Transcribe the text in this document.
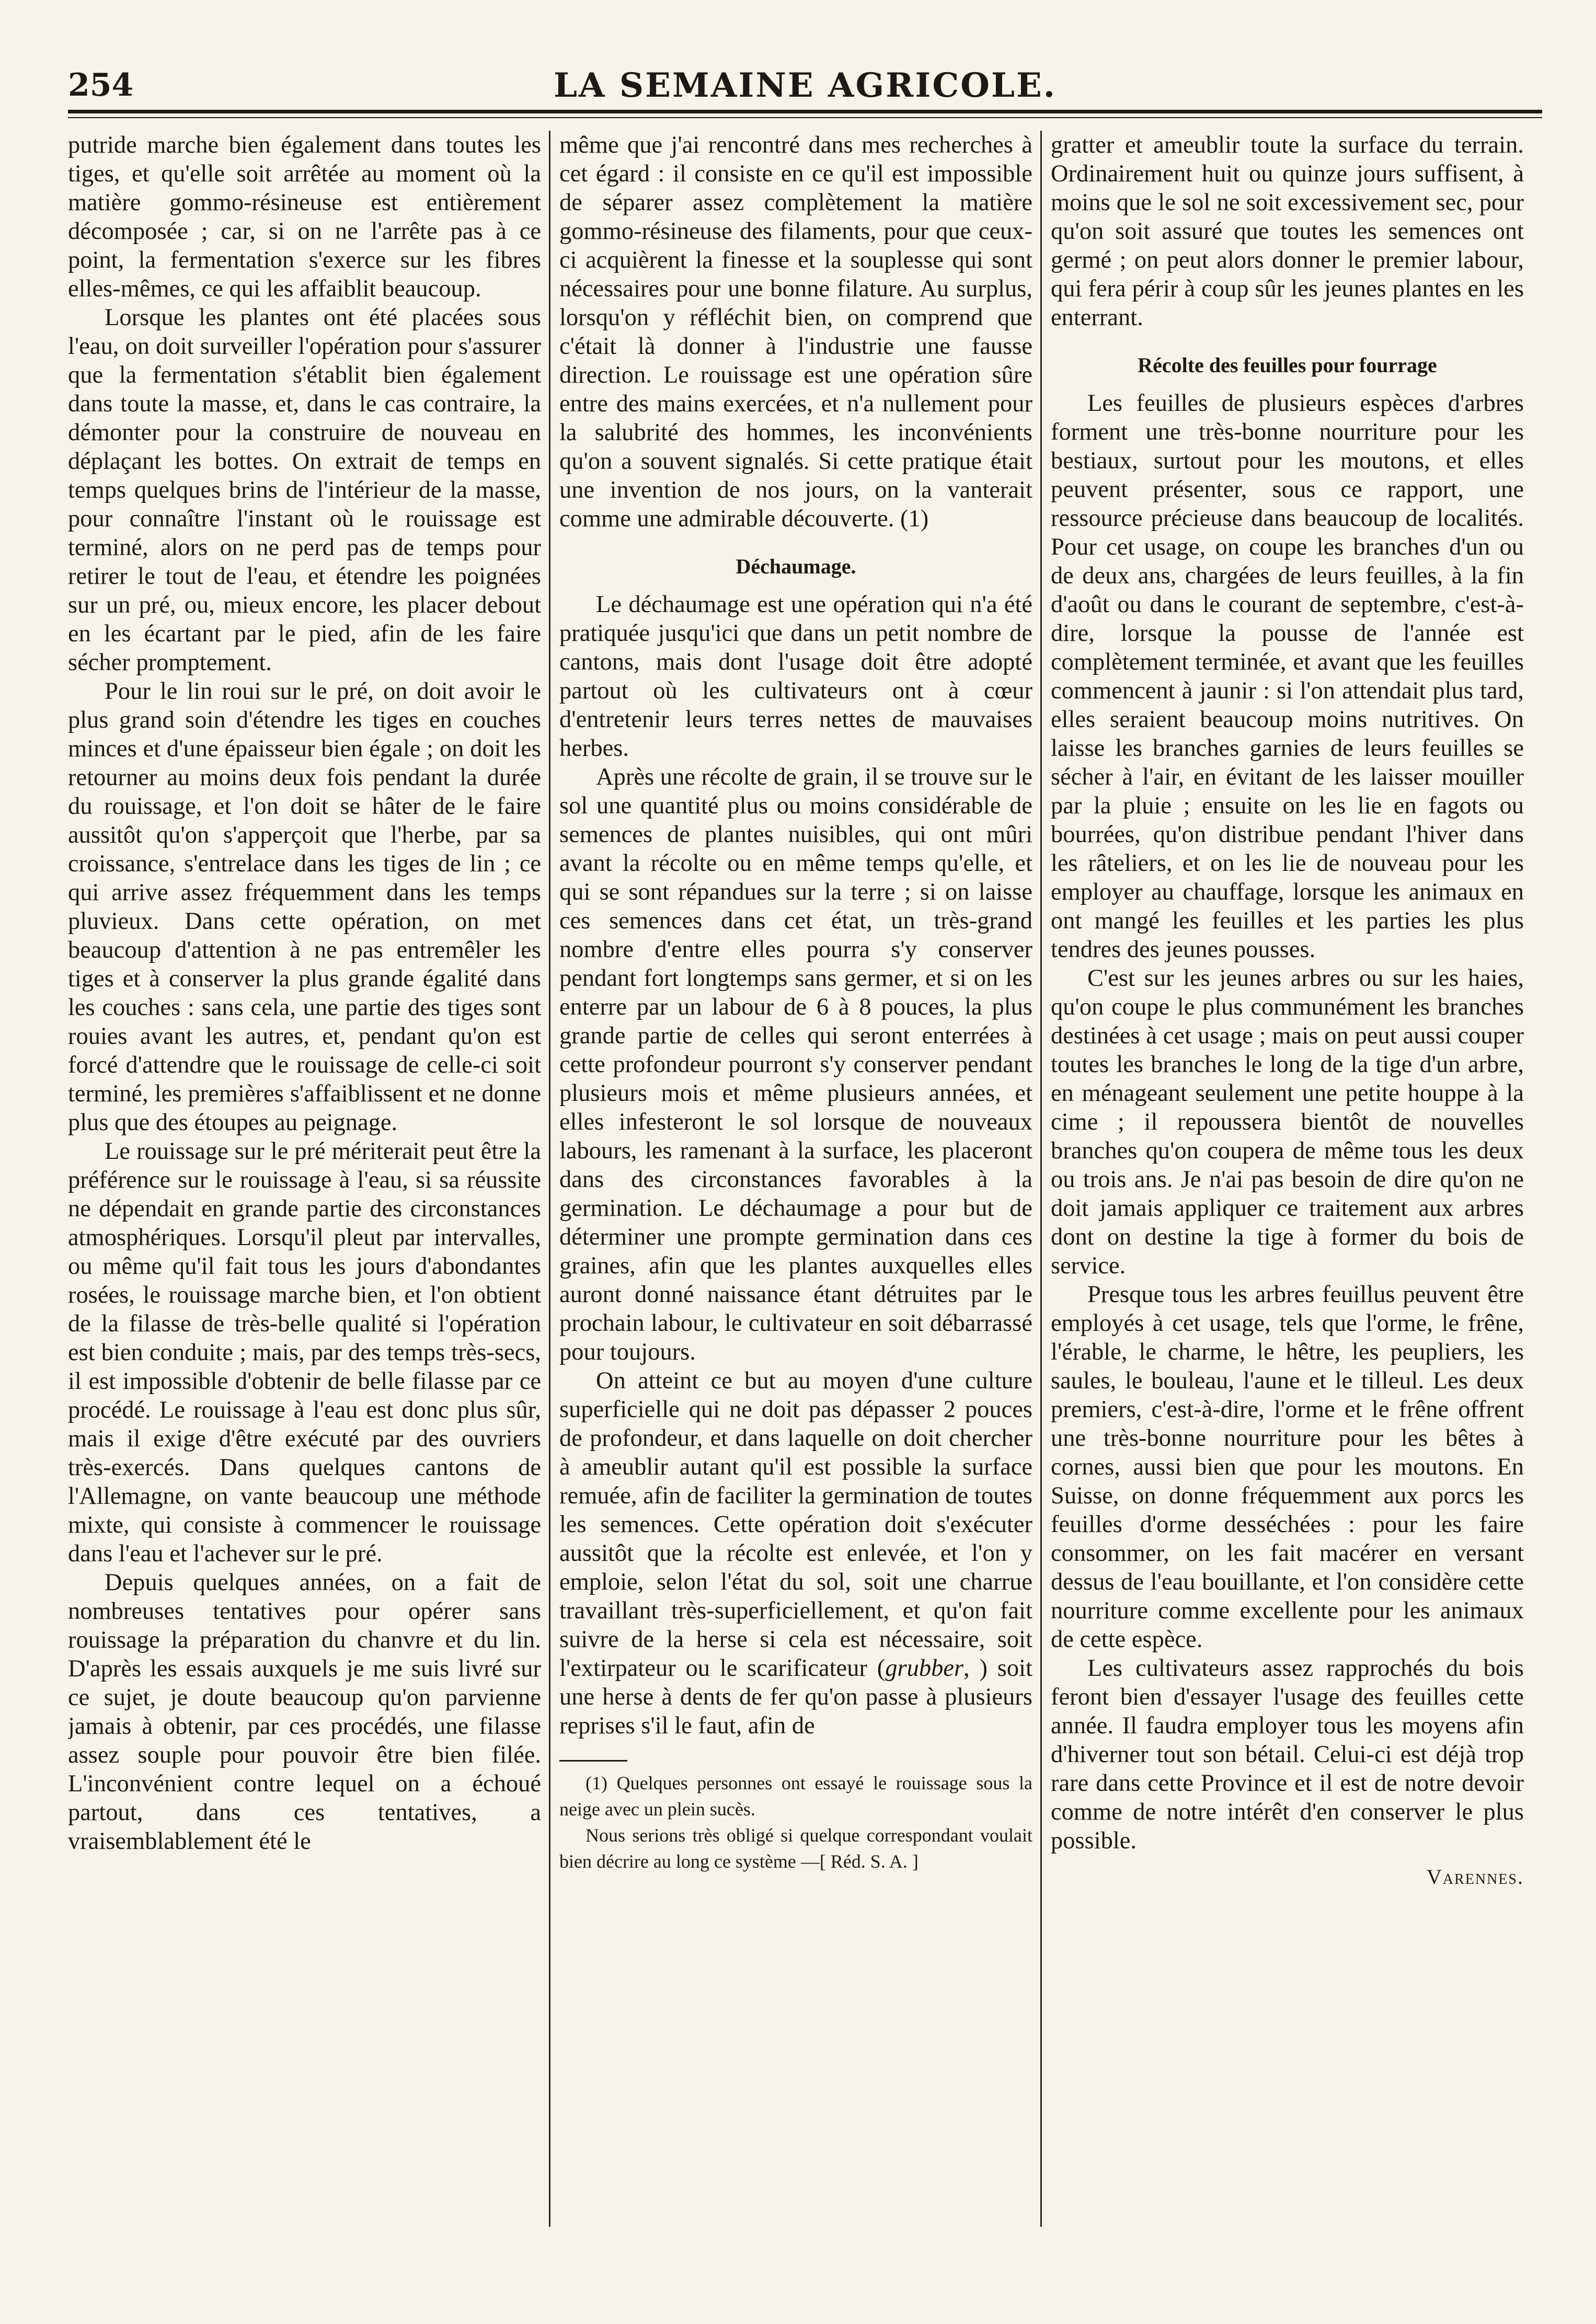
254	LA SEMAINE AGRICOLE.

putride marche bien également dans toutes les tiges, et qu'elle soit arrêtée au moment où la matière gommo-résineuse est entièrement décomposée ; car, si on ne l'arrête pas à ce point, la fermentation s'exerce sur les fibres elles-mêmes, ce qui les affaiblit beaucoup.

Lorsque les plantes ont été placées sous l'eau, on doit surveiller l'opération pour s'assurer que la fermentation s'établit bien également dans toute la masse, et, dans le cas contraire, la démonter pour la construire de nouveau en déplaçant les bottes. On extrait de temps en temps quelques brins de l'intérieur de la masse, pour connaître l'instant où le rouissage est terminé, alors on ne perd pas de temps pour retirer le tout de l'eau, et étendre les poignées sur un pré, ou, mieux encore, les placer debout en les écartant par le pied, afin de les faire sécher promptement.

Pour le lin roui sur le pré, on doit avoir le plus grand soin d'étendre les tiges en couches minces et d'une épaisseur bien égale ; on doit les retourner au moins deux fois pendant la durée du rouissage, et l'on doit se hâter de le faire aussitôt qu'on s'apperçoit que l'herbe, par sa croissance, s'entrelace dans les tiges de lin ; ce qui arrive assez fréquemment dans les temps pluvieux. Dans cette opération, on met beaucoup d'attention à ne pas entremêler les tiges et à conserver la plus grande égalité dans les couches : sans cela, une partie des tiges sont rouies avant les autres, et, pendant qu'on est forcé d'attendre que le rouissage de celle-ci soit terminé, les premières s'affaiblissent et ne donne plus que des étoupes au peignage.

Le rouissage sur le pré mériterait peut être la préférence sur le rouissage à l'eau, si sa réussite ne dépendait en grande partie des circonstances atmosphériques. Lorsqu'il pleut par intervalles, ou même qu'il fait tous les jours d'abondantes rosées, le rouissage marche bien, et l'on obtient de la filasse de très-belle qualité si l'opération est bien conduite ; mais, par des temps très-secs, il est impossible d'obtenir de belle filasse par ce procédé. Le rouissage à l'eau est donc plus sûr, mais il exige d'être exécuté par des ouvriers très-exercés. Dans quelques cantons de l'Allemagne, on vante beaucoup une méthode mixte, qui consiste à commencer le rouissage dans l'eau et l'achever sur le pré.

Depuis quelques années, on a fait de nombreuses tentatives pour opérer sans rouissage la préparation du chanvre et du lin. D'après les essais auxquels je me suis livré sur ce sujet, je doute beaucoup qu'on parvienne jamais à obtenir, par ces procédés, une filasse assez souple pour pouvoir être bien filée. L'inconvénient contre lequel on a échoué partout, dans ces tentatives, a vraisemblablement été le

même que j'ai rencontré dans mes recherches à cet égard : il consiste en ce qu'il est impossible de séparer assez complètement la matière gommo-résineuse des filaments, pour que ceux-ci acquièrent la finesse et la souplesse qui sont nécessaires pour une bonne filature. Au surplus, lorsqu'on y réfléchit bien, on comprend que c'était là donner à l'industrie une fausse direction. Le rouissage est une opération sûre entre des mains exercées, et n'a nullement pour la salubrité des hommes, les inconvénients qu'on a souvent signalés. Si cette pratique était une invention de nos jours, on la vanterait comme une admirable découverte. (1)

Déchaumage.

Le déchaumage est une opération qui n'a été pratiquée jusqu'ici que dans un petit nombre de cantons, mais dont l'usage doit être adopté partout où les cultivateurs ont à cœur d'entretenir leurs terres nettes de mauvaises herbes.

Après une récolte de grain, il se trouve sur le sol une quantité plus ou moins considérable de semences de plantes nuisibles, qui ont mûri avant la récolte ou en même temps qu'elle, et qui se sont répandues sur la terre ; si on laisse ces semences dans cet état, un très-grand nombre d'entre elles pourra s'y conserver pendant fort longtemps sans germer, et si on les enterre par un labour de 6 à 8 pouces, la plus grande partie de celles qui seront enterrées à cette profondeur pourront s'y conserver pendant plusieurs mois et même plusieurs années, et elles infesteront le sol lorsque de nouveaux labours, les ramenant à la surface, les placeront dans des circonstances favorables à la germination. Le déchaumage a pour but de déterminer une prompte germination dans ces graines, afin que les plantes auxquelles elles auront donné naissance étant détruites par le prochain labour, le cultivateur en soit débarrassé pour toujours.

On atteint ce but au moyen d'une culture superficielle qui ne doit pas dépasser 2 pouces de profondeur, et dans laquelle on doit chercher à ameublir autant qu'il est possible la surface remuée, afin de faciliter la germination de toutes les semences. Cette opération doit s'exécuter aussitôt que la récolte est enlevée, et l'on y emploie, selon l'état du sol, soit une charrue travaillant très-superficiellement, et qu'on fait suivre de la herse si cela est nécessaire, soit l'extirpateur ou le scarificateur (grubber, ) soit une herse à dents de fer qu'on passe à plusieurs reprises s'il le faut, afin de

(1) Quelques personnes ont essayé le rouissage sous la neige avec un plein sucès.

Nous serions très obligé si quelque correspondant voulait bien décrire au long ce système —[ Réd. S. A. ]

gratter et ameublir toute la surface du terrain. Ordinairement huit ou quinze jours suffisent, à moins que le sol ne soit excessivement sec, pour qu'on soit assuré que toutes les semences ont germé ; on peut alors donner le premier labour, qui fera périr à coup sûr les jeunes plantes en les enterrant.

Récolte des feuilles pour fourrage

Les feuilles de plusieurs espèces d'arbres forment une très-bonne nourriture pour les bestiaux, surtout pour les moutons, et elles peuvent présenter, sous ce rapport, une ressource précieuse dans beaucoup de localités. Pour cet usage, on coupe les branches d'un ou de deux ans, chargées de leurs feuilles, à la fin d'août ou dans le courant de septembre, c'est-à-dire, lorsque la pousse de l'année est complètement terminée, et avant que les feuilles commencent à jaunir : si l'on attendait plus tard, elles seraient beaucoup moins nutritives. On laisse les branches garnies de leurs feuilles se sécher à l'air, en évitant de les laisser mouiller par la pluie ; ensuite on les lie en fagots ou bourrées, qu'on distribue pendant l'hiver dans les râteliers, et on les lie de nouveau pour les employer au chauffage, lorsque les animaux en ont mangé les feuilles et les parties les plus tendres des jeunes pousses.

C'est sur les jeunes arbres ou sur les haies, qu'on coupe le plus communément les branches destinées à cet usage ; mais on peut aussi couper toutes les branches le long de la tige d'un arbre, en ménageant seulement une petite houppe à la cime ; il repoussera bientôt de nouvelles branches qu'on coupera de même tous les deux ou trois ans. Je n'ai pas besoin de dire qu'on ne doit jamais appliquer ce traitement aux arbres dont on destine la tige à former du bois de service.

Presque tous les arbres feuillus peuvent être employés à cet usage, tels que l'orme, le frêne, l'érable, le charme, le hêtre, les peupliers, les saules, le bouleau, l'aune et le tilleul. Les deux premiers, c'est-à-dire, l'orme et le frêne offrent une très-bonne nourriture pour les bêtes à cornes, aussi bien que pour les moutons. En Suisse, on donne fréquemment aux porcs les feuilles d'orme desséchées : pour les faire consommer, on les fait macérer en versant dessus de l'eau bouillante, et l'on considère cette nourriture comme excellente pour les animaux de cette espèce.

Les cultivateurs assez rapprochés du bois feront bien d'essayer l'usage des feuilles cette année. Il faudra employer tous les moyens afin d'hiverner tout son bétail. Celui-ci est déjà trop rare dans cette Province et il est de notre devoir comme de notre intérêt d'en conserver le plus possible.

Varennes.
